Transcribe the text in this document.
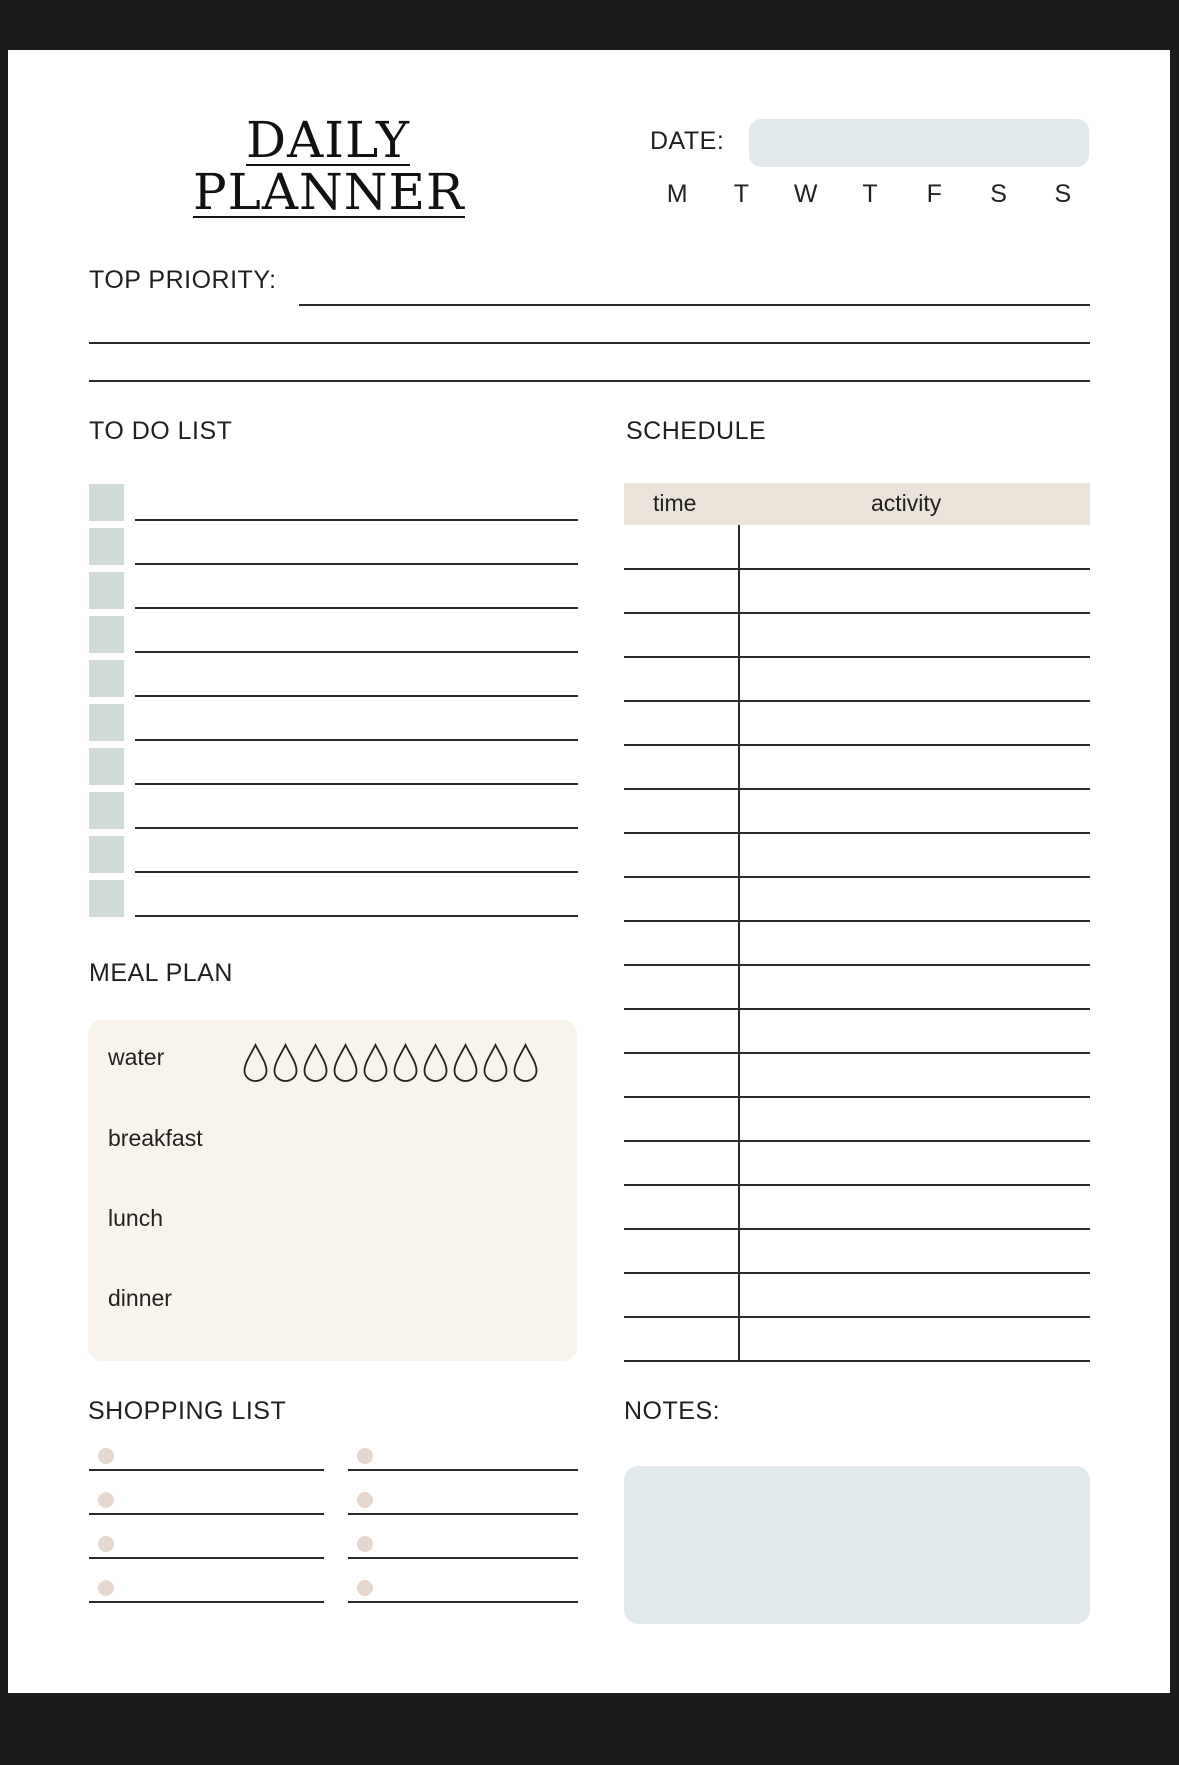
DAILY
PLANNER
DATE:
M	T	W	T	F	S	S
TOP PRIORITY:
TO DO LIST	SCHEDULE
time	activity
MEAL PLAN
water
breakfast
lunch
dinner
SHOPPING LIST	NOTES:
